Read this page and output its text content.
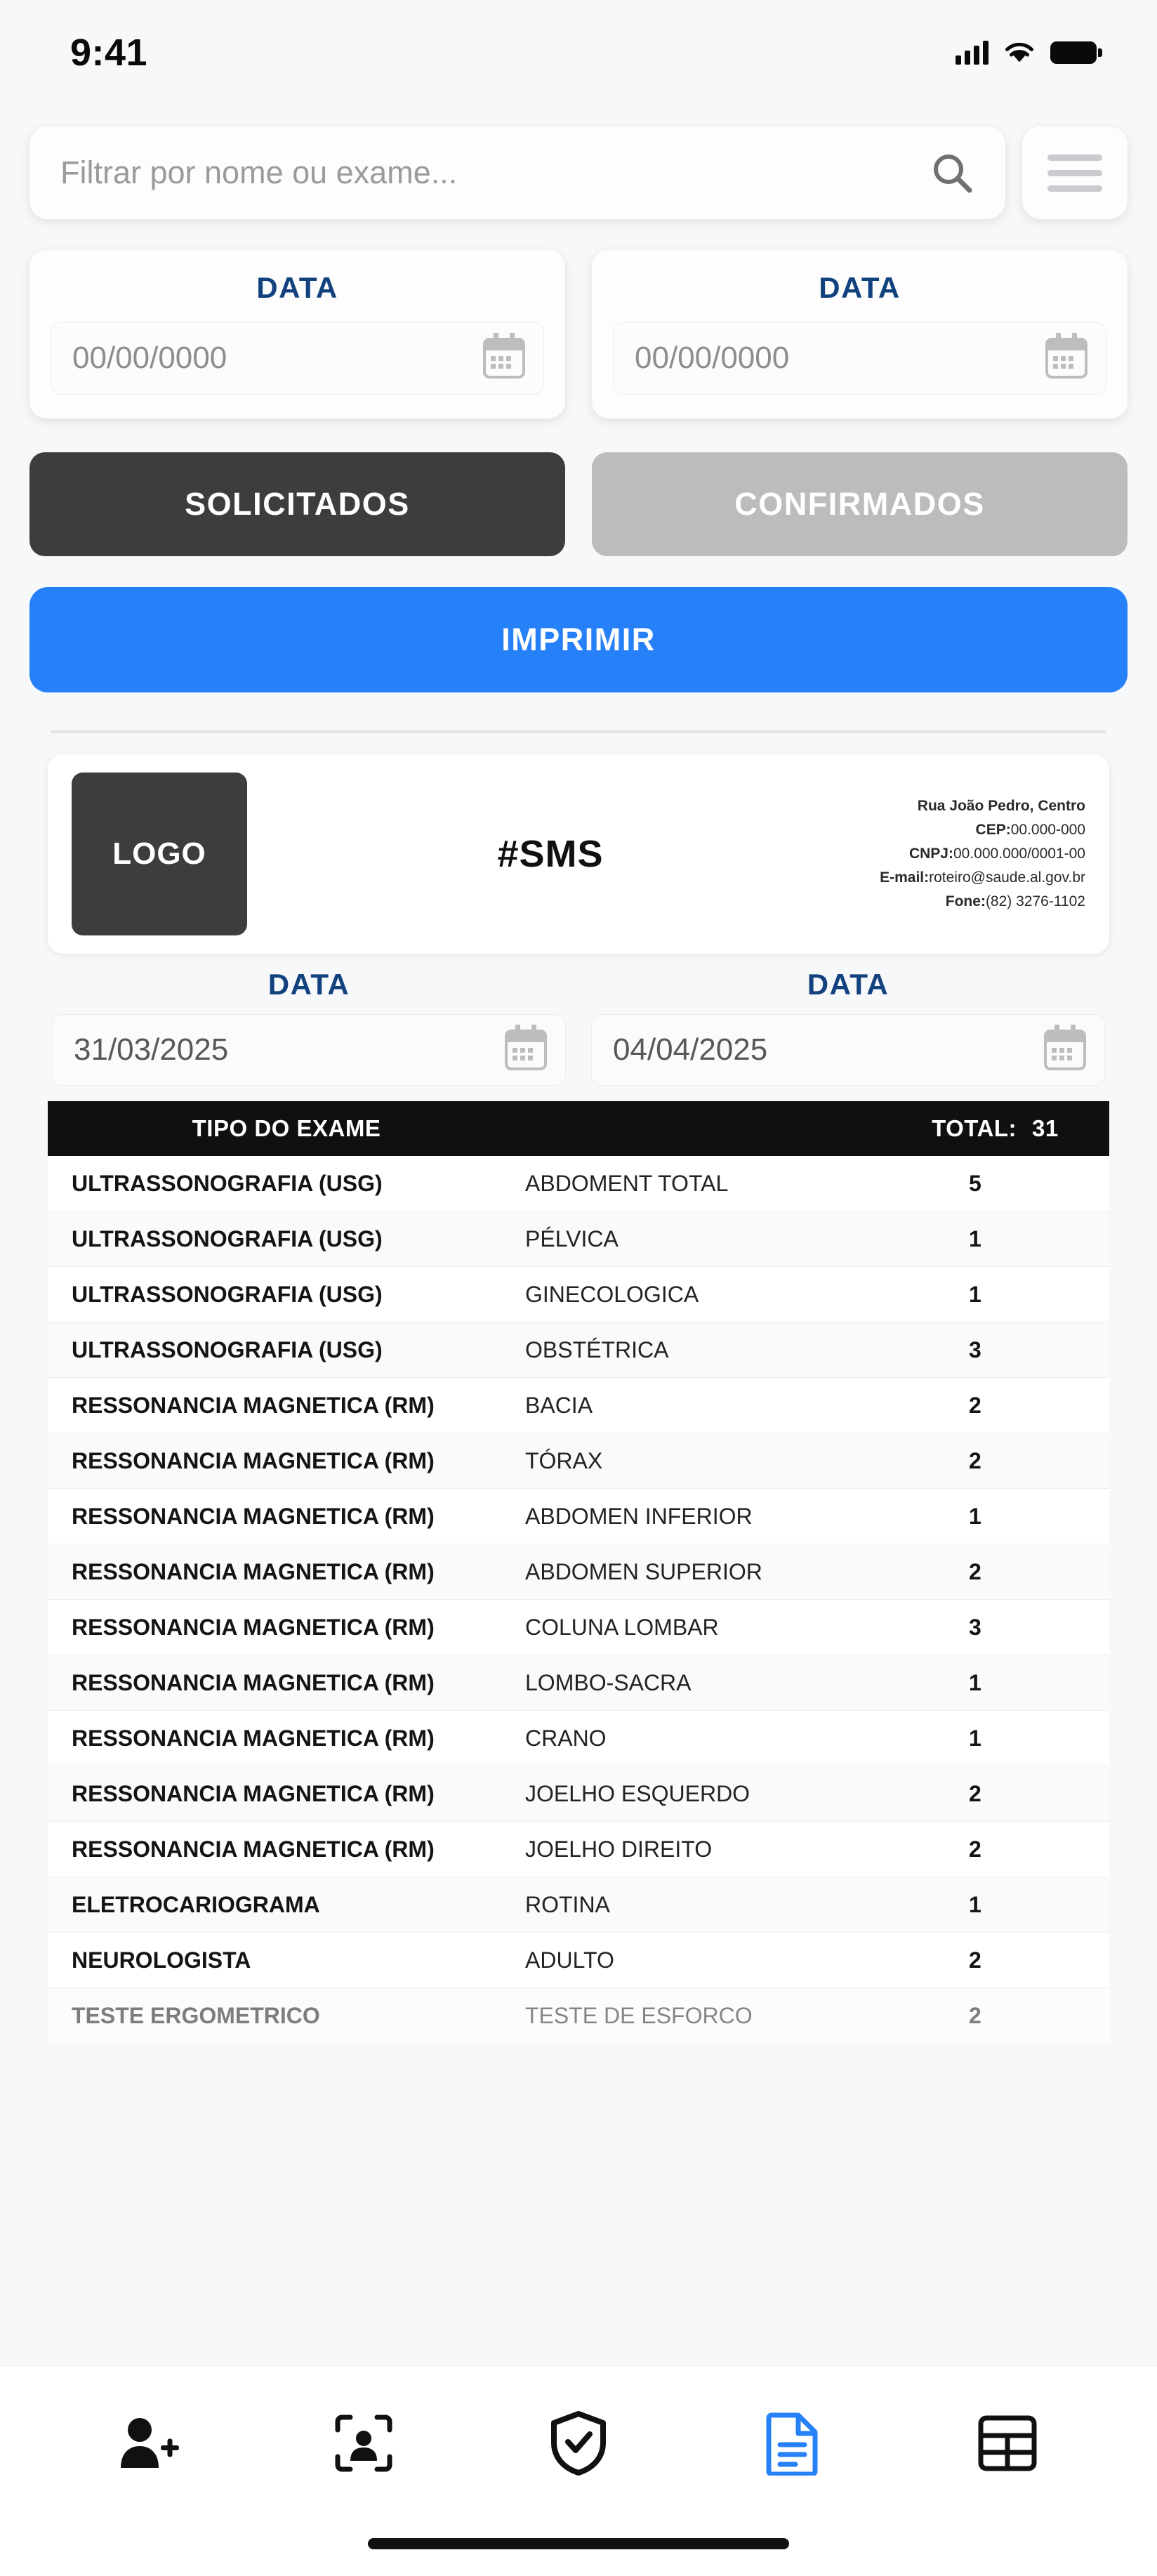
9:41
Filtrar por nome ou exame...
DATA
00/00/0000
DATA
00/00/0000
SOLICITADOS	CONFIRMADOS
IMPRIMIR
LOGO	#SMS
Rua João Pedro, Centro
CEP:00.000-000
CNPJ:00.000.000/0001-00
E-mail:roteiro@saude.al.gov.br
Fone:(82) 3276-1102
DATA
31/03/2025
DATA
04/04/2025
TIPO DO EXAME	TOTAL: 31
ULTRASSONOGRAFIA (USG)	ABDOMENT TOTAL	5
ULTRASSONOGRAFIA (USG)	PÉLVICA	1
ULTRASSONOGRAFIA (USG)	GINECOLOGICA	1
ULTRASSONOGRAFIA (USG)	OBSTÉTRICA	3
RESSONANCIA MAGNETICA (RM)	BACIA	2
RESSONANCIA MAGNETICA (RM)	TÓRAX	2
RESSONANCIA MAGNETICA (RM)	ABDOMEN INFERIOR	1
RESSONANCIA MAGNETICA (RM)	ABDOMEN SUPERIOR	2
RESSONANCIA MAGNETICA (RM)	COLUNA LOMBAR	3
RESSONANCIA MAGNETICA (RM)	LOMBO-SACRA	1
RESSONANCIA MAGNETICA (RM)	CRANO	1
RESSONANCIA MAGNETICA (RM)	JOELHO ESQUERDO	2
RESSONANCIA MAGNETICA (RM)	JOELHO DIREITO	2
ELETROCARIOGRAMA	ROTINA	1
NEUROLOGISTA	ADULTO	2
TESTE ERGOMETRICO	TESTE DE ESFORCO	2
